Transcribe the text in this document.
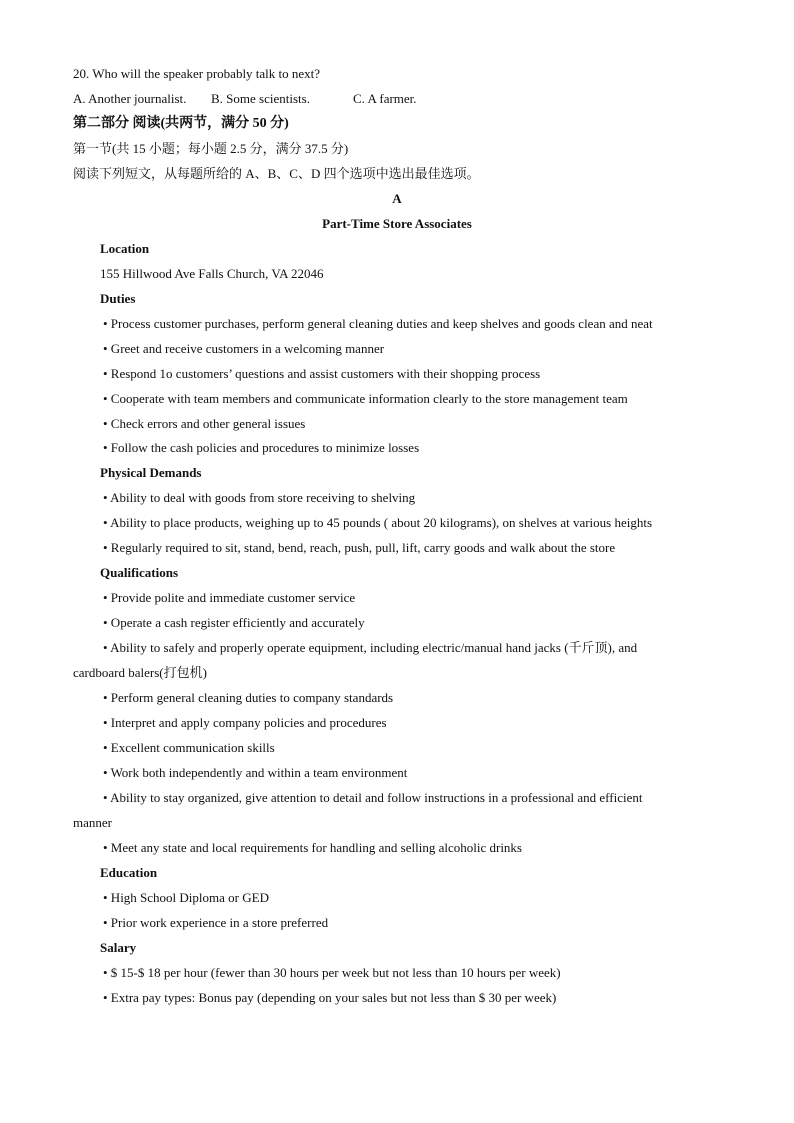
20. Who will the speaker probably talk to next?
A. Another journalist. B. Some scientists.	C. A farmer.
第二部分 阅读(共两节，满分 50 分)
第一节(共 15 小题；每小题 2.5 分，满分 37.5 分)
阅读下列短文，从每题所给的 A、B、C、D 四个选项中选出最佳选项。
A
Part-Time Store Associates
Location
155 Hillwood Ave Falls Church, VA 22046
Duties
• Process customer purchases, perform general cleaning duties and keep shelves and goods clean and neat
• Greet and receive customers in a welcoming manner
• Respond 1o customers’ questions and assist customers with their shopping process
• Cooperate with team members and communicate information clearly to the store management team
• Check errors and other general issues
• Follow the cash policies and procedures to minimize losses
Physical Demands
• Ability to deal with goods from store receiving to shelving
• Ability to place products, weighing up to 45 pounds ( about 20 kilograms), on shelves at various heights
• Regularly required to sit, stand, bend, reach, push, pull, lift, carry goods and walk about the store
Qualifications
• Provide polite and immediate customer service
• Operate a cash register efficiently and accurately
• Ability to safely and properly operate equipment, including electric/manual hand jacks (千斤顶), and
cardboard balers(打包机)
• Perform general cleaning duties to company standards
• Interpret and apply company policies and procedures
• Excellent communication skills
• Work both independently and within a team environment
• Ability to stay organized, give attention to detail and follow instructions in a professional and efficient
manner
• Meet any state and local requirements for handling and selling alcoholic drinks
Education
• High School Diploma or GED
• Prior work experience in a store preferred
Salary
• $ 15-$ 18 per hour (fewer than 30 hours per week but not less than 10 hours per week)
• Extra pay types: Bonus pay (depending on your sales but not less than $ 30 per week)
